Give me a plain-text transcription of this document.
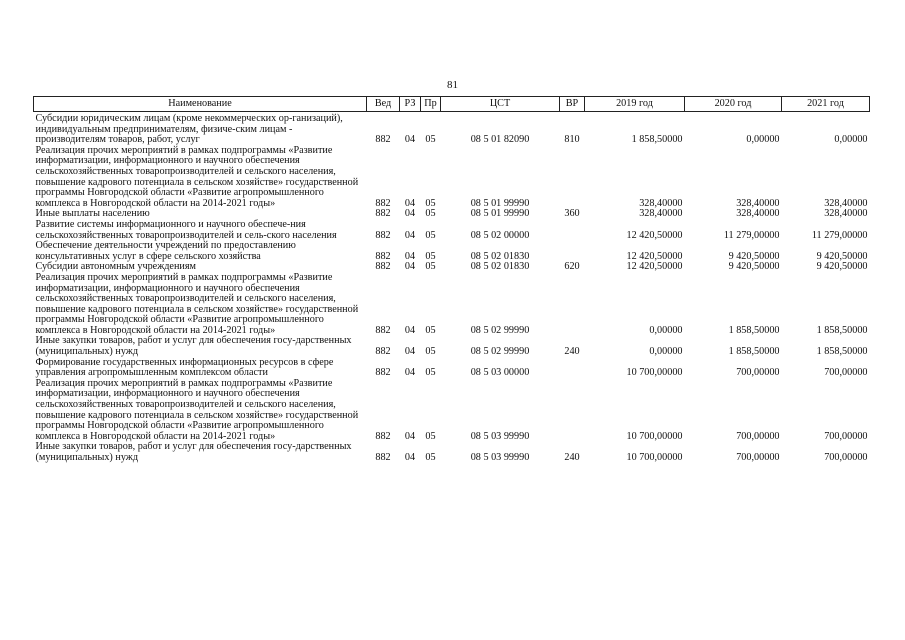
81
Наименование	Вед	РЗ	Пр	ЦСТ	ВР	2019 год	2020 год	2021 год
Субсидии юридическим лицам (кроме некоммерческих ор-ганизаций), индивидуальным предпринимателям, физиче-ским лицам - производителям товаров, работ, услуг	882	04	05	08 5 01 82090	810	1 858,50000	0,00000	0,00000
Реализация прочих мероприятий в рамках подпрограммы «Развитие информатизации, информационного и научного обеспечения сельскохозяйственных товаропроизводителей и сельского населения, повышение кадрового потенциала в сельском хозяйстве» государственной программы Новгородской области «Развитие агропромышленного комплекса в Новгородской области на 2014-2021 годы»	882	04	05	08 5 01 99990		328,40000	328,40000	328,40000
Иные выплаты населению	882	04	05	08 5 01 99990	360	328,40000	328,40000	328,40000
Развитие системы информационного и научного обеспече-ния сельскохозяйственных товаропроизводителей и сель-ского населения	882	04	05	08 5 02 00000		12 420,50000	11 279,00000	11 279,00000
Обеспечение деятельности учреждений по предоставлению консультативных услуг в сфере сельского хозяйства	882	04	05	08 5 02 01830		12 420,50000	9 420,50000	9 420,50000
Субсидии автономным учреждениям	882	04	05	08 5 02 01830	620	12 420,50000	9 420,50000	9 420,50000
Реализация прочих мероприятий в рамках подпрограммы «Развитие информатизации, информационного и научного обеспечения сельскохозяйственных товаропроизводителей и сельского населения, повышение кадрового потенциала в сельском хозяйстве» государственной программы Новгородской области «Развитие агропромышленного комплекса в Новгородской области на 2014-2021 годы»	882	04	05	08 5 02 99990		0,00000	1 858,50000	1 858,50000
Иные закупки товаров, работ и услуг для обеспечения госу-дарственных (муниципальных) нужд	882	04	05	08 5 02 99990	240	0,00000	1 858,50000	1 858,50000
Формирование государственных информационных ресурсов в сфере управления агропромышленным комплексом области	882	04	05	08 5 03 00000		10 700,00000	700,00000	700,00000
Реализация прочих мероприятий в рамках подпрограммы «Развитие информатизации, информационного и научного обеспечения сельскохозяйственных товаропроизводителей и сельского населения, повышение кадрового потенциала в сельском хозяйстве» государственной программы Новгородской области «Развитие агропромышленного комплекса в Новгородской области на 2014-2021 годы»	882	04	05	08 5 03 99990		10 700,00000	700,00000	700,00000
Иные закупки товаров, работ и услуг для обеспечения госу-дарственных (муниципальных) нужд	882	04	05	08 5 03 99990	240	10 700,00000	700,00000	700,00000
